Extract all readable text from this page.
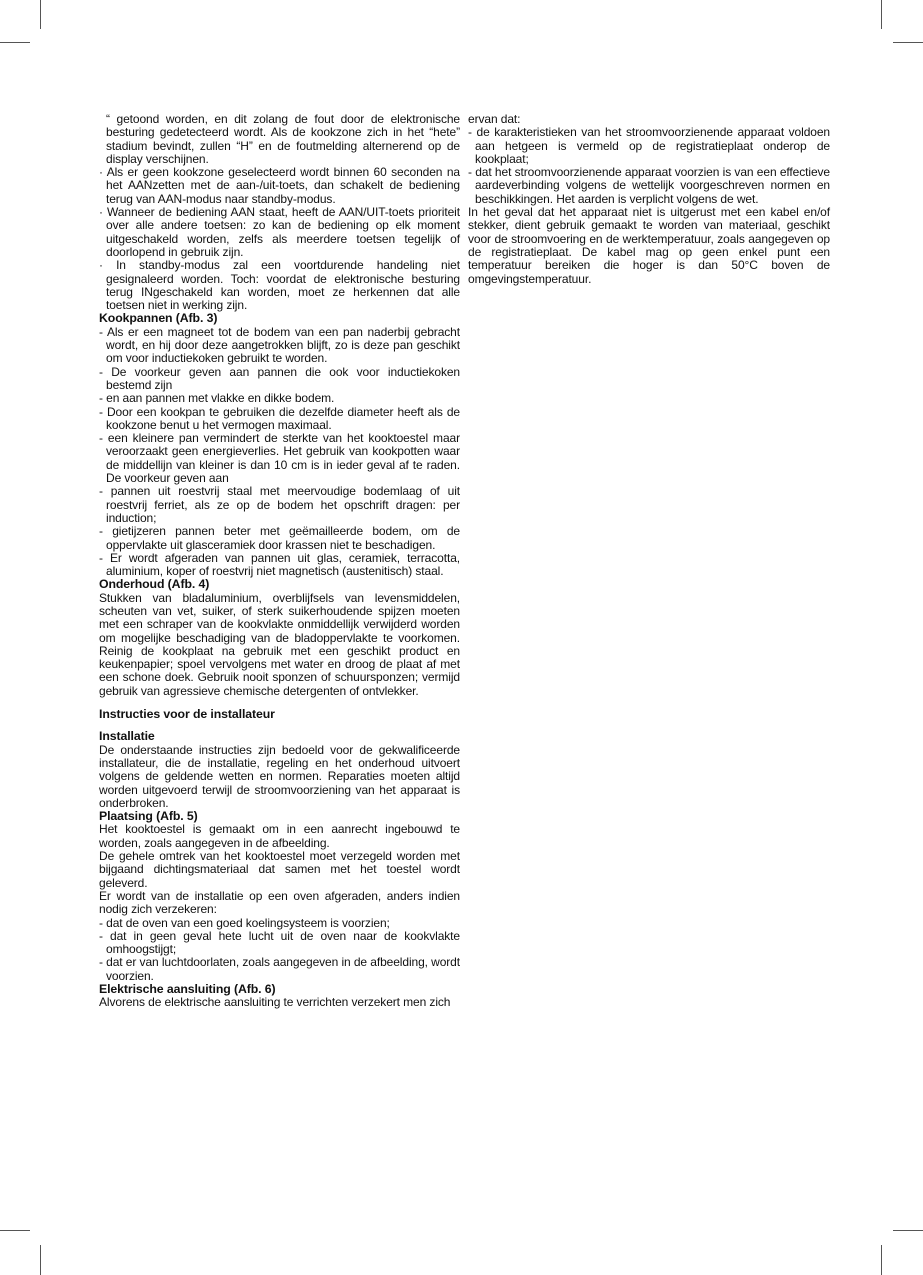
“ getoond worden, en dit zolang de fout door de elektronische besturing gedetecteerd wordt. Als de kookzone zich in het “hete” stadium bevindt, zullen “H” en de foutmelding alternerend op de display verschijnen.

· Als er geen kookzone geselecteerd wordt binnen 60 seconden na het AANzetten met de aan-/uit-toets, dan schakelt de bediening terug van AAN-modus naar standby-modus.

· Wanneer de bediening AAN staat, heeft de AAN/UIT-toets prioriteit over alle andere toetsen: zo kan de bediening op elk moment uitgeschakeld worden, zelfs als meerdere toetsen tegelijk of doorlopend in gebruik zijn.

· In standby-modus zal een voortdurende handeling niet gesignaleerd worden. Toch: voordat de elektronische besturing terug INgeschakeld kan worden, moet ze herkennen dat alle toetsen niet in werking zijn.

Kookpannen (Afb. 3)

- Als er een magneet tot de bodem van een pan naderbij gebracht wordt, en hij door deze aangetrokken blijft, zo is deze pan geschikt om voor inductiekoken gebruikt te worden.

- De voorkeur geven aan pannen die ook voor inductiekoken bestemd zijn

- en aan pannen met vlakke en dikke bodem.

- Door een kookpan te gebruiken die dezelfde diameter heeft als de kookzone benut u het vermogen maximaal.

- een kleinere pan vermindert de sterkte van het kooktoestel maar veroorzaakt geen energieverlies. Het gebruik van kookpotten waar de middellijn van kleiner is dan 10 cm is in ieder geval af te raden. De voorkeur geven aan

- pannen uit roestvrij staal met meervoudige bodemlaag of uit roestvrij ferriet, als ze op de bodem het opschrift dragen: per induction;

- gietijzeren pannen beter met geëmailleerde bodem, om de oppervlakte uit glasceramiek door krassen niet te beschadigen.

- Er wordt afgeraden van pannen uit glas, ceramiek, terracotta, aluminium, koper of roestvrij niet magnetisch (austenitisch) staal.

Onderhoud (Afb. 4)

Stukken van bladaluminium, overblijfsels van levensmiddelen, scheuten van vet, suiker, of sterk suikerhoudende spijzen moeten met een schraper van de kookvlakte onmiddellijk verwijderd worden om mogelijke beschadiging van de bladoppervlakte te voorkomen. Reinig de kookplaat na gebruik met een geschikt product en keukenpapier; spoel vervolgens met water en droog de plaat af met een schone doek. Gebruik nooit sponzen of schuursponzen; vermijd gebruik van agressieve chemische detergenten of ontvlekker.

Instructies voor de installateur

Installatie

De onderstaande instructies zijn bedoeld voor de gekwalificeerde installateur, die de installatie, regeling en het onderhoud uitvoert volgens de geldende wetten en normen. Reparaties moeten altijd worden uitgevoerd terwijl de stroomvoorziening van het apparaat is onderbroken.

Plaatsing (Afb. 5)

Het kooktoestel is gemaakt om in een aanrecht ingebouwd te worden, zoals aangegeven in de afbeelding.

De gehele omtrek van het kooktoestel moet verzegeld worden met bijgaand dichtingsmateriaal dat samen met het toestel wordt geleverd.

Er wordt van de installatie op een oven afgeraden, anders indien nodig zich verzekeren:

- dat de oven van een goed koelingsysteem is voorzien;

- dat in geen geval hete lucht uit de oven naar de kookvlakte omhoogstijgt;

- dat er van luchtdoorlaten, zoals aangegeven in de afbeelding, wordt voorzien.

Elektrische aansluiting (Afb. 6)

Alvorens de elektrische aansluiting te verrichten verzekert men zich

ervan dat:

- de karakteristieken van het stroomvoorzienende apparaat voldoen aan hetgeen is vermeld op de registratieplaat onderop de kookplaat;

- dat het stroomvoorzienende apparaat voorzien is van een effectieve aardeverbinding volgens de wettelijk voorgeschreven normen en beschikkingen. Het aarden is verplicht volgens de wet.

In het geval dat het apparaat niet is uitgerust met een kabel en/of stekker, dient gebruik gemaakt te worden van materiaal, geschikt voor de stroomvoering en de werktemperatuur, zoals aangegeven op de registratieplaat. De kabel mag op geen enkel punt een temperatuur bereiken die hoger is dan 50°C boven de omgevingstemperatuur.
